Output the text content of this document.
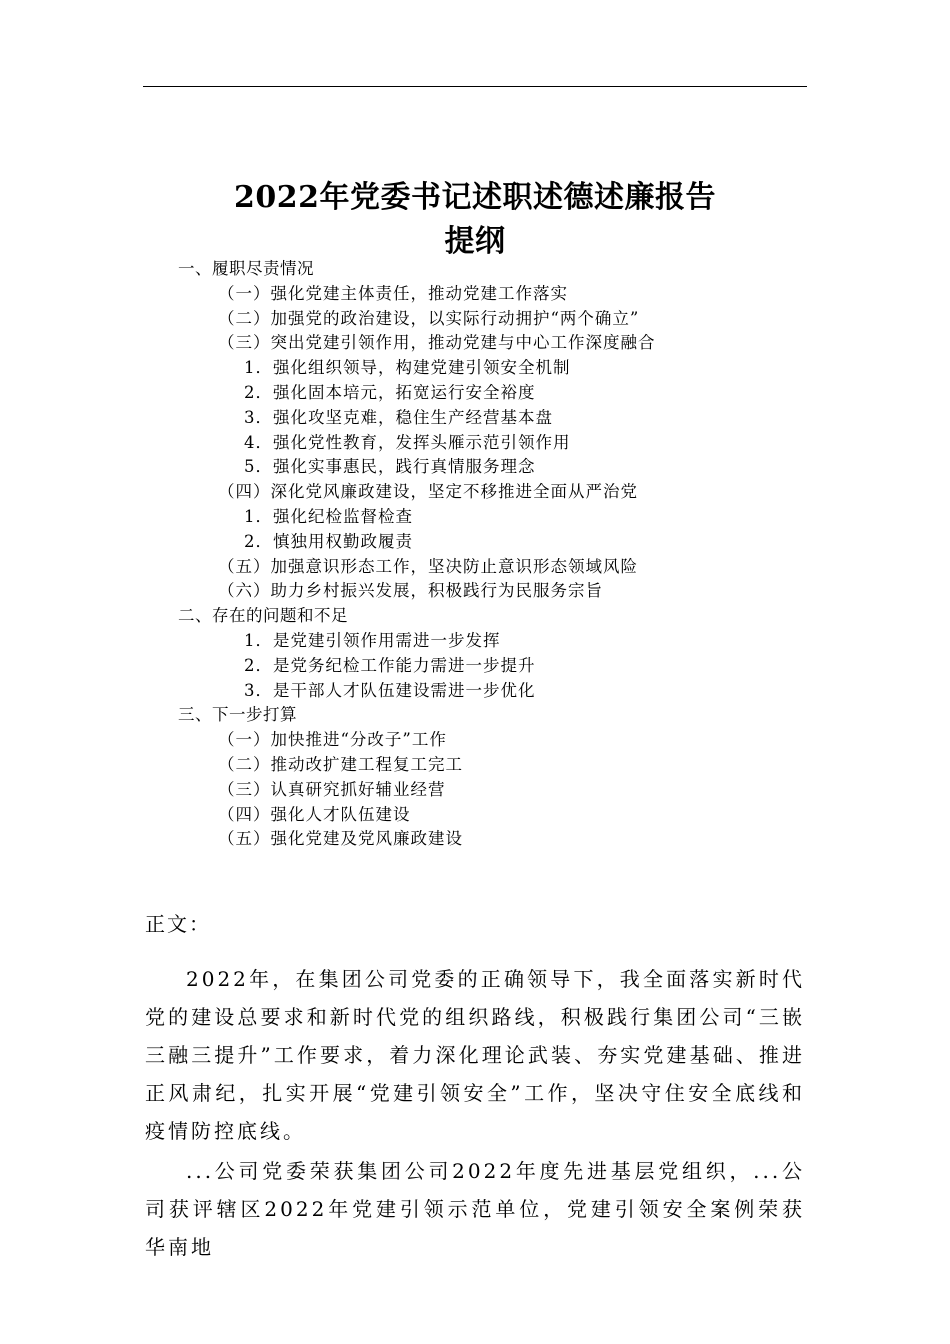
2022年党委书记述职述德述廉报告
提纲
一、履职尽责情况
（一）强化党建主体责任，推动党建工作落实
（二）加强党的政治建设，以实际行动拥护“两个确立”
（三）突出党建引领作用，推动党建与中心工作深度融合
1．强化组织领导，构建党建引领安全机制
2．强化固本培元，拓宽运行安全裕度
3．强化攻坚克难，稳住生产经营基本盘
4．强化党性教育，发挥头雁示范引领作用
5．强化实事惠民，践行真情服务理念
（四）深化党风廉政建设，坚定不移推进全面从严治党
1．强化纪检监督检查
2．慎独用权勤政履责
（五）加强意识形态工作，坚决防止意识形态领域风险
（六）助力乡村振兴发展，积极践行为民服务宗旨
二、存在的问题和不足
1．是党建引领作用需进一步发挥
2．是党务纪检工作能力需进一步提升
3．是干部人才队伍建设需进一步优化
三、下一步打算
（一）加快推进“分改子”工作
（二）推动改扩建工程复工完工
（三）认真研究抓好辅业经营
（四）强化人才队伍建设
（五）强化党建及党风廉政建设
正文：

2022年，在集团公司党委的正确领导下，我全面落实新时代党的建设总要求和新时代党的组织路线，积极践行集团公司“三嵌三融三提升”工作要求，着力深化理论武装、夯实党建基础、推进正风肃纪，扎实开展“党建引领安全”工作，坚决守住安全底线和疫情防控底线。

...公司党委荣获集团公司2022年度先进基层党组织，...公司获评辖区2022年党建引领示范单位，党建引领安全案例荣获华南地
